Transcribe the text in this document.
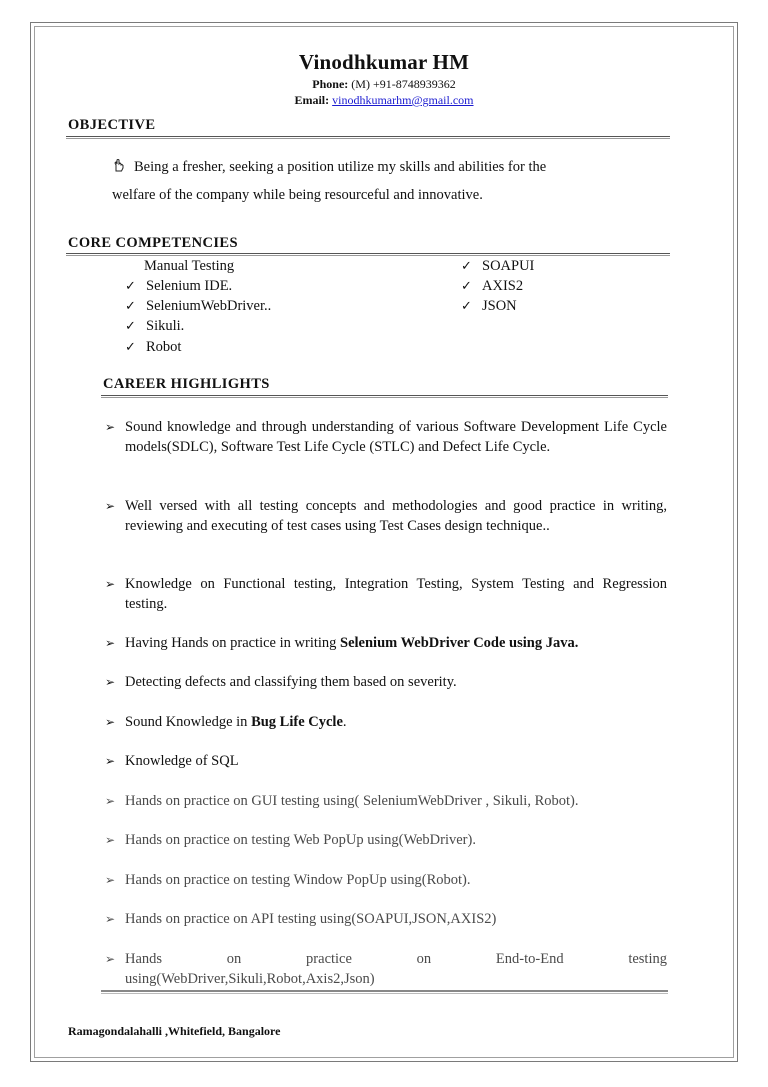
Vinodhkumar HM
Phone: (M) +91-8748939362
Email: vinodhkumarhm@gmail.com
OBJECTIVE
Being a fresher, seeking a position utilize my skills and abilities for the
welfare of the company while being resourceful and innovative.
CORE COMPETENCIES
Manual Testing
✓ Selenium IDE.
✓ SeleniumWebDriver..
✓ Sikuli.
✓ Robot
✓ SOAPUI
✓ AXIS2
✓ JSON
CAREER HIGHLIGHTS
➢ Sound knowledge and through understanding of various Software Development Life Cycle models(SDLC), Software Test Life Cycle (STLC) and Defect Life Cycle.
➢ Well versed with all testing concepts and methodologies and good practice in writing, reviewing and executing of test cases using Test Cases design technique..
➢ Knowledge on Functional testing, Integration Testing, System Testing and Regression testing.
➢ Having Hands on practice in writing Selenium WebDriver Code using Java.
➢ Detecting defects and classifying them based on severity.
➢ Sound Knowledge in Bug Life Cycle.
➢ Knowledge of SQL
➢ Hands on practice on GUI testing using( SeleniumWebDriver , Sikuli, Robot).
➢ Hands on practice on testing Web PopUp using(WebDriver).
➢ Hands on practice on testing Window PopUp using(Robot).
➢ Hands on practice on API testing using(SOAPUI,JSON,AXIS2)
➢ Hands on practice on End-to-End testing
using(WebDriver,Sikuli,Robot,Axis2,Json)
Ramagondalahalli ,Whitefield, Bangalore
